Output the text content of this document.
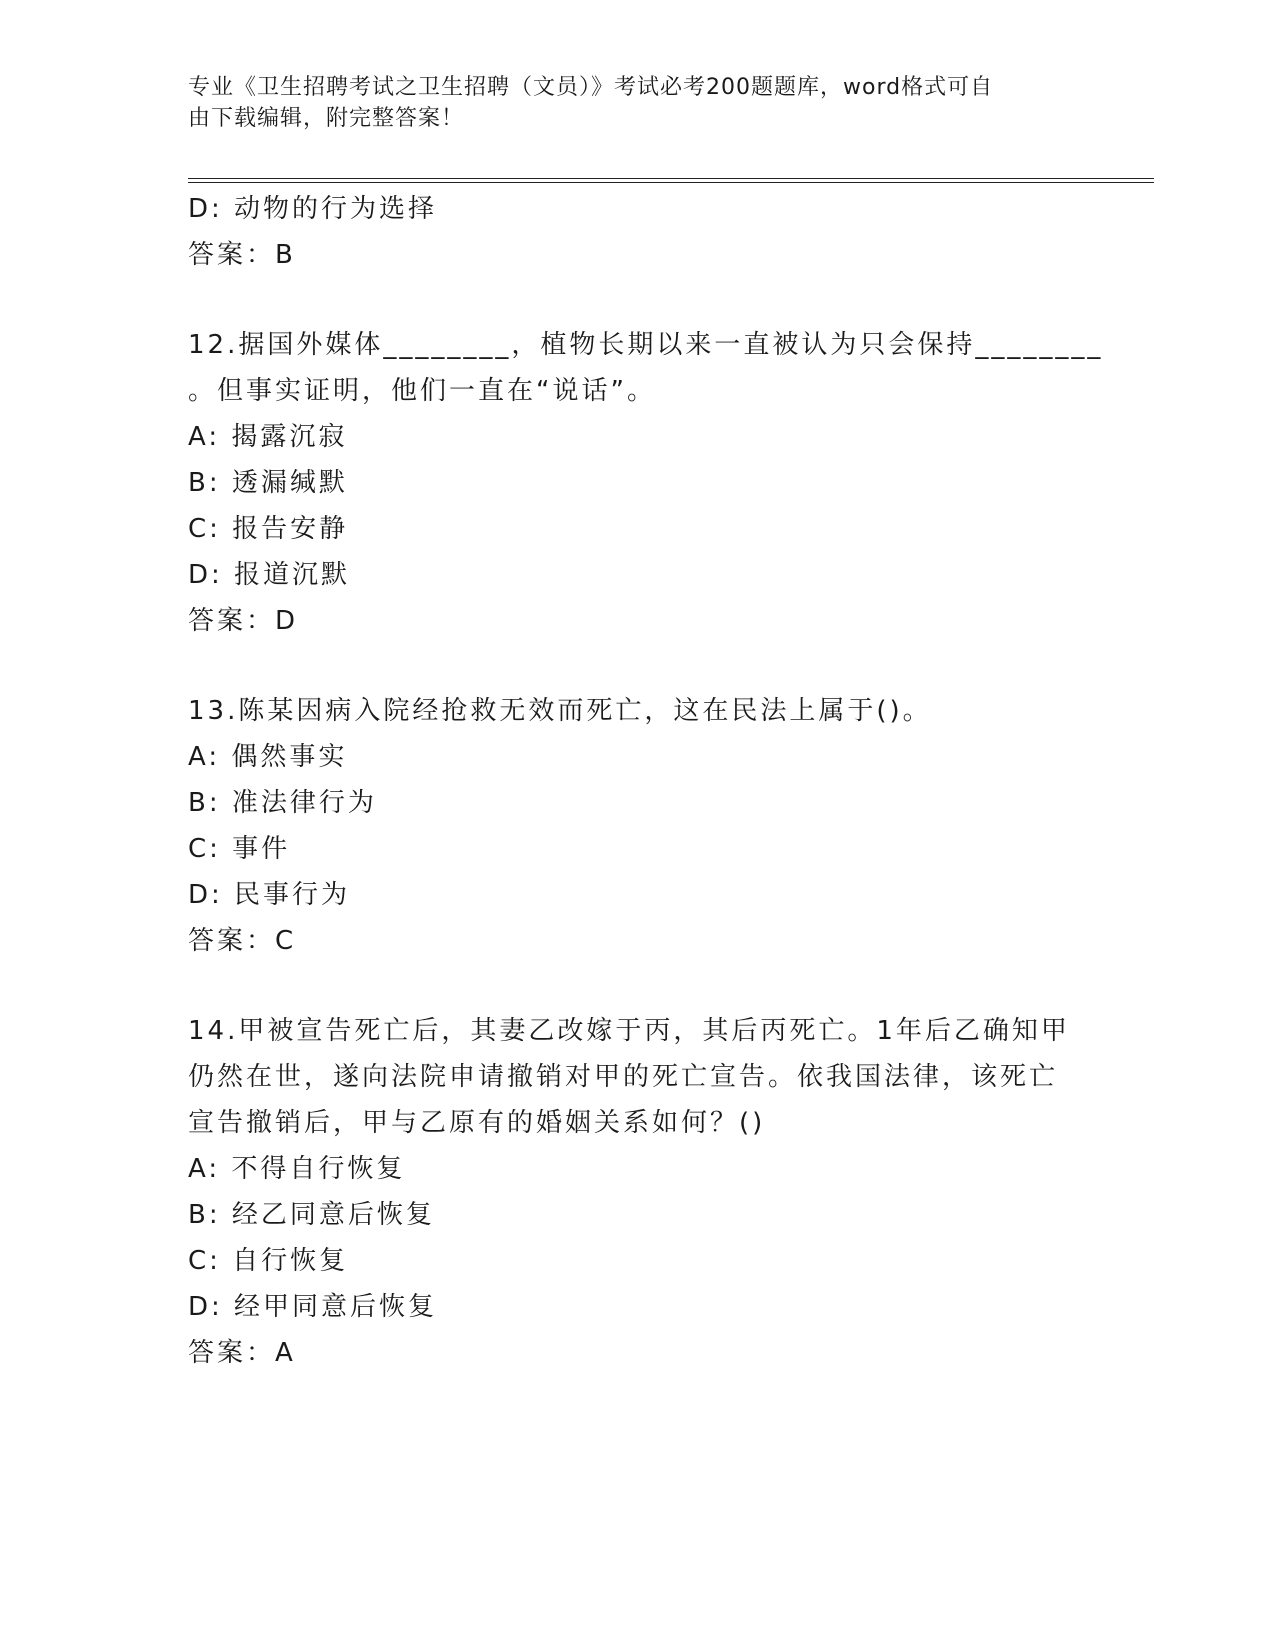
专业《卫生招聘考试之卫生招聘（文员）》考试必考200题题库，word格式可自
由下载编辑，附完整答案！
D: 动物的行为选择
答案：B
12.据国外媒体________，植物长期以来一直被认为只会保持________
。但事实证明，他们一直在“说话”。
A: 揭露沉寂
B: 透漏缄默
C: 报告安静
D: 报道沉默
答案：D
13.陈某因病入院经抢救无效而死亡，这在民法上属于()。
A: 偶然事实
B: 准法律行为
C: 事件
D: 民事行为
答案：C
14.甲被宣告死亡后，其妻乙改嫁于丙，其后丙死亡。1年后乙确知甲
仍然在世，遂向法院申请撤销对甲的死亡宣告。依我国法律，该死亡
宣告撤销后，甲与乙原有的婚姻关系如何？()
A: 不得自行恢复
B: 经乙同意后恢复
C: 自行恢复
D: 经甲同意后恢复
答案：A
